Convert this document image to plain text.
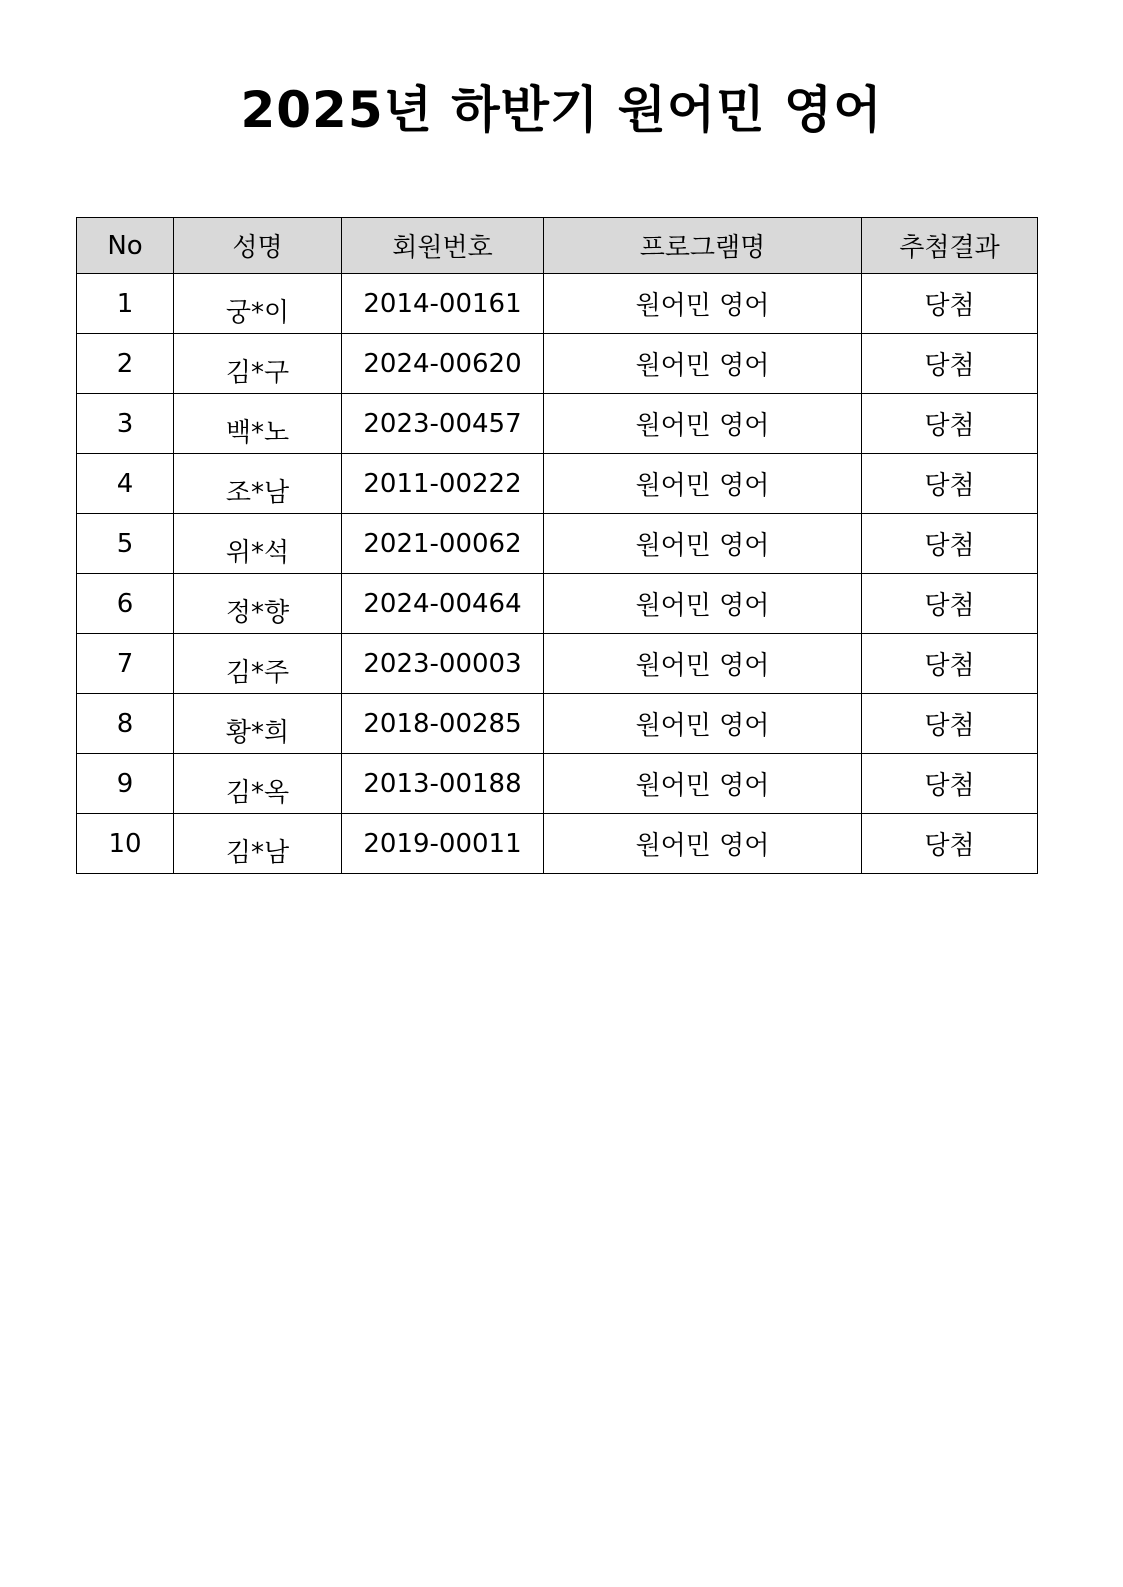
2025년 하반기 원어민 영어
No	성명	회원번호	프로그램명	추첨결과
1	궁*이	2014-00161	원어민 영어	당첨
2	김*구	2024-00620	원어민 영어	당첨
3	백*노	2023-00457	원어민 영어	당첨
4	조*남	2011-00222	원어민 영어	당첨
5	위*석	2021-00062	원어민 영어	당첨
6	정*향	2024-00464	원어민 영어	당첨
7	김*주	2023-00003	원어민 영어	당첨
8	황*희	2018-00285	원어민 영어	당첨
9	김*옥	2013-00188	원어민 영어	당첨
10	김*남	2019-00011	원어민 영어	당첨
